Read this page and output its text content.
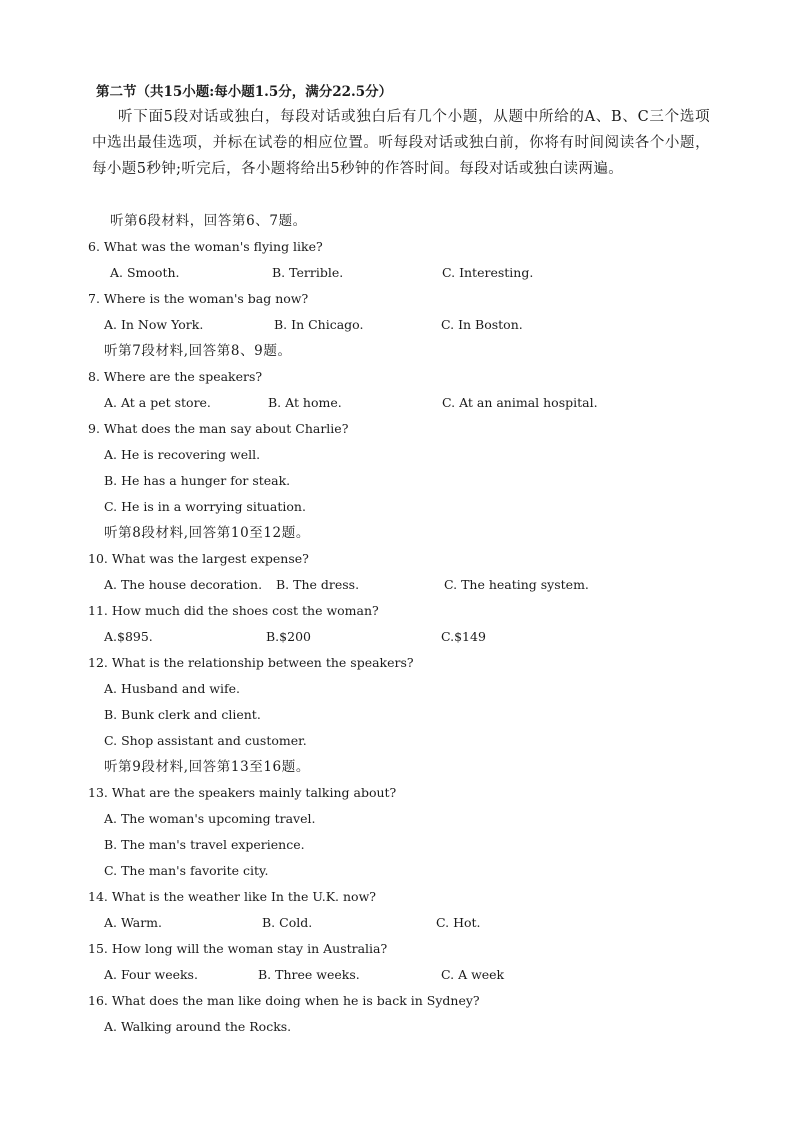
第二节（共15小题:每小题1.5分，满分22.5分）
听下面5段对话或独白，每段对话或独白后有几个小题，从题中所给的A、B、C三个选项中选出最佳选项，并标在试卷的相应位置。听每段对话或独白前，你将有时间阅读各个小题，每小题5秒钟;听完后，各小题将给出5秒钟的作答时间。每段对话或独白读两遍。
听第6段材料，回答第6、7题。
6. What was the woman's flying like?
A. Smooth.	B. Terrible.	C. Interesting.
7. Where is the woman's bag now?
A. In Now York.	B. In Chicago.	C. In Boston.
听第7段材料,回答第8、9题。
8. Where are the speakers?
A. At a pet store.	B. At home.	C. At an animal hospital.
9. What does the man say about Charlie?
A. He is recovering well.
B. He has a hunger for steak.
C. He is in a worrying situation.
听第8段材料,回答第10至12题。
10. What was the largest expense?
A. The house decoration. B. The dress.	C. The heating system.
11. How much did the shoes cost the woman?
A.$895.	B.$200	C.$149
12. What is the relationship between the speakers?
A. Husband and wife.
B. Bunk clerk and client.
C. Shop assistant and customer.
听第9段材料,回答第13至16题。
13. What are the speakers mainly talking about?
A. The woman's upcoming travel.
B. The man's travel experience.
C. The man's favorite city.
14. What is the weather like In the U.K. now?
A. Warm.	B. Cold.	C. Hot.
15. How long will the woman stay in Australia?
A. Four weeks.	B. Three weeks.	C. A week
16. What does the man like doing when he is back in Sydney?
A. Walking around the Rocks.
